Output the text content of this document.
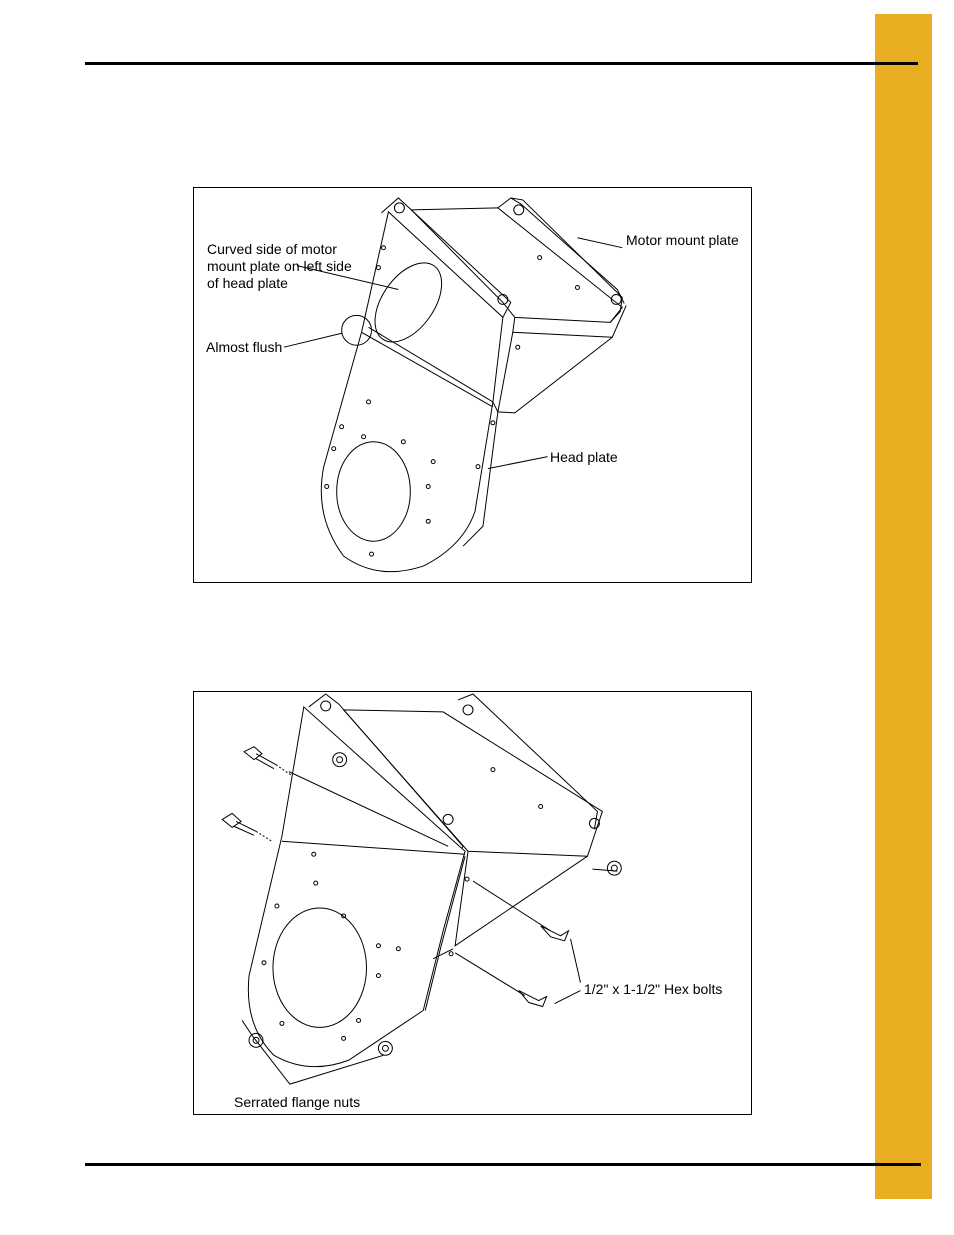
Curved side of motor
mount plate on left side
of head plate
Almost flush
Motor mount plate
Head plate
1/2" x 1-1/2" Hex bolts
Serrated flange nuts
